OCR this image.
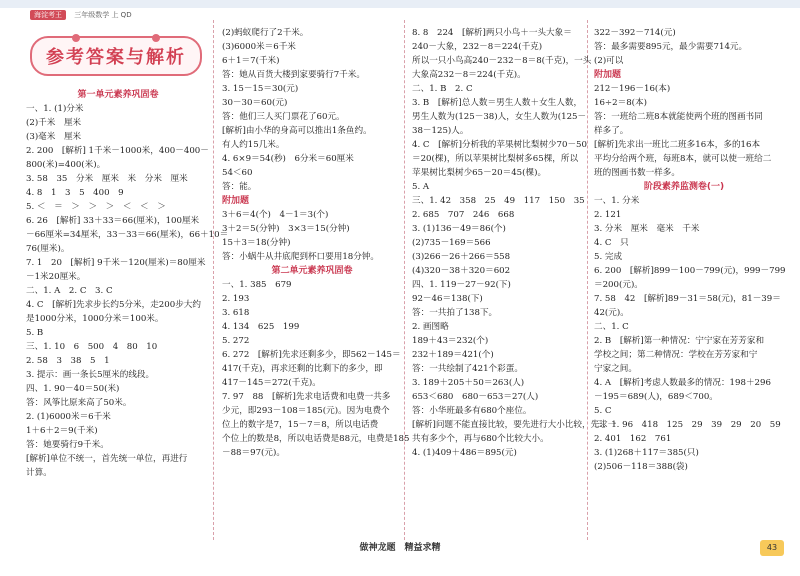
海淀考王 三年级数学 上 QD
参考答案与解析
第一单元素养巩固卷
一、1. (1)分米
(2)千米　厘米
(3)毫米　厘米
2. 200　[解析] 1千米－1000米，400－400－
800(米)=400(米)。
3. 58　35　分米　厘米　米　分米　厘米
4. 8　1　3　5　400　9
5. ＜　＝　＞　＞　＞　＜　＜　＞
6. 26　[解析] 33＋33＝66(厘米)，100厘米
－66厘米=34厘米，33－33＝66(厘米)，66＋10＝
76(厘米)。
7. 1　20　[解析] 9千米－120(厘米)＝80厘米
－1米20厘米。
二、1. A　2. C　3. C
4. C　[解析]先求步长约5分米，走200步大约
是1000分米，1000分米＝100米。
5. B
三、1. 10　6　500　4　80　10
2. 58　3　38　5　1
3. 提示：画一条长5厘米的线段。
四、1. 90－40＝50(米)
答：风筝比原来高了50米。
2. (1)6000米＝6千米
1＋6＋2＝9(千米)
答：她要骑行9千米。
[解析]单位不统一，首先统一单位，再进行
计算。
(2)蚂蚁爬行了2千米。
(3)6000米＝6千米
6＋1＝7(千米)
答：她从百货大楼到家要骑行7千米。
3. 15－15＝30(元)
30－30＝60(元)
答：他们三人买门票花了60元。
[解析]由小华的身高可以推出1条鱼约。
有人约15几米。
4. 6×9＝54(秒)　6分米＝60厘米
54＜60
答：能。
附加题
3＋6＝4(个)　4－1＝3(个)
3＋2＝5(分钟)　3×3＝15(分钟)
15＋3＝18(分钟)
答：小蜗牛从井底爬到杯口要用18分钟。
第二单元素养巩固卷
一、1. 385　679
2. 193
3. 618
4. 134　625　199
5. 272
6. 272　[解析]先求还剩多少，即562－145＝
417(千克)，再求还剩的比剩下的多少，即
417－145＝272(千克)。
7. 97　88　[解析]先求电话费和电费一共多
少元，即293－108＝185(元)。因为电费个
位上的数字是7，15－7＝8，所以电话费
个位上的数是8，所以电话费是88元，电费是185
－88＝97(元)。
8. 8　224　[解析]两只小鸟＋一头大象＝
240－大象，232－8＝224(千克)
所以一只小鸟高240－232－8＝8(千克)，一头
大象高232－8＝224(千克)。
二、1. B　2. C
3. B　[解析]总人数＝男生人数＋女生人数，
男生人数为(125－38)人，女生人数为(125－
38－125)人。
4. C　[解析]分析我的苹果树比梨树少70－50
＝20(棵)，所以苹果树比梨树多65棵，所以
苹果树比梨树少65－20＝45(棵)。
5. A
三、1. 42　358　25　49　117　150　35
2. 685　707　246　668
3. (1)136－49＝86(个)
(2)735－169＝566
(3)266－26＋266＝558
(4)320－38＋320＝602
四、1. 119－27－92(下)
92－46＝138(下)
答：一共拍了138下。
2. 画图略
189＋43＝232(个)
232＋189＝421(个)
答：一共绘制了421个彩蛋。
3. 189＋205＋50＝263(人)
653＜680　680－653＝27(人)
答：小华班最多有680个座位。
[解析]问题不能直接比较，要先进行大小比较，先求一
共有多少个，再与680个比较大小。
4. (1)409＋486＝895(元)
322－392－714(元)
答：最多需要895元，最少需要714元。
(2)可以
附加题
212－196－16(本)
16÷2＝8(本)
答：一班给二班8本就能使两个班的图画书同
样多了。
[解析]先求出一班比二班多16本，多的16本
平均分给两个班，每班8本，就可以使一班给二
班的图画书数一样多。
阶段素养监测卷(一)
一、1. 分米
2. 121
3. 分米　厘米　毫米　千米
4. C　只
5. 完成
6. 200　[解析]899－100－799(元)，999－799
＝200(元)。
7. 58　42　[解析]89－31＝58(元)，81－39＝
42(元)。
二、1. C
2. B　[解析]第一种情况：宁宁家在芳芳家和
学校之间；第二种情况：学校在芳芳家和宁
宁家之间。
4. A　[解析]考虑人数最多的情况：198＋296
－195＝689(人)，689＜700。
5. C
三、1. 96　418　125　29　39　29　20　59
2. 401　162　761
3. (1)268＋117＝385(只)
(2)506－118＝388(袋)
做神龙题　精益求精	43
